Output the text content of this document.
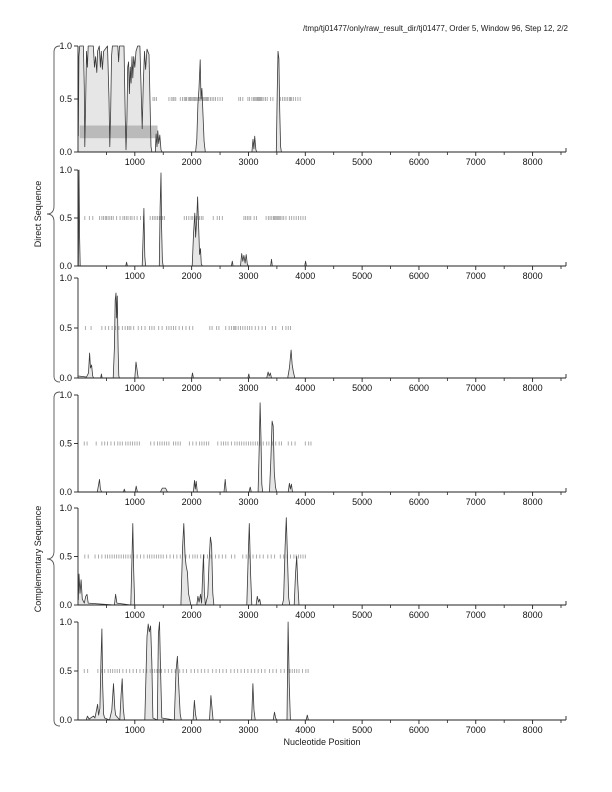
/tmp/tj01477/only/raw_result_dir/tj01477, Order 5, Window 96, Step 12, 2/2
Direct Sequence
Complementary Sequence
0.0
0.5
1.0
1000	2000	3000	4000	5000	6000	7000	8000
0.0
0.5
1.0
1000	2000	3000	4000	5000	6000	7000	8000
0.0
0.5
1.0
1000	2000	3000	4000	5000	6000	7000	8000
0.0
0.5
1.0
1000	2000	3000	4000	5000	6000	7000	8000
0.0
0.5
1.0
1000	2000	3000	4000	5000	6000	7000	8000
0.0
0.5
1.0
1000	2000	3000	4000	5000	6000	7000	8000
Nucleotide Position
